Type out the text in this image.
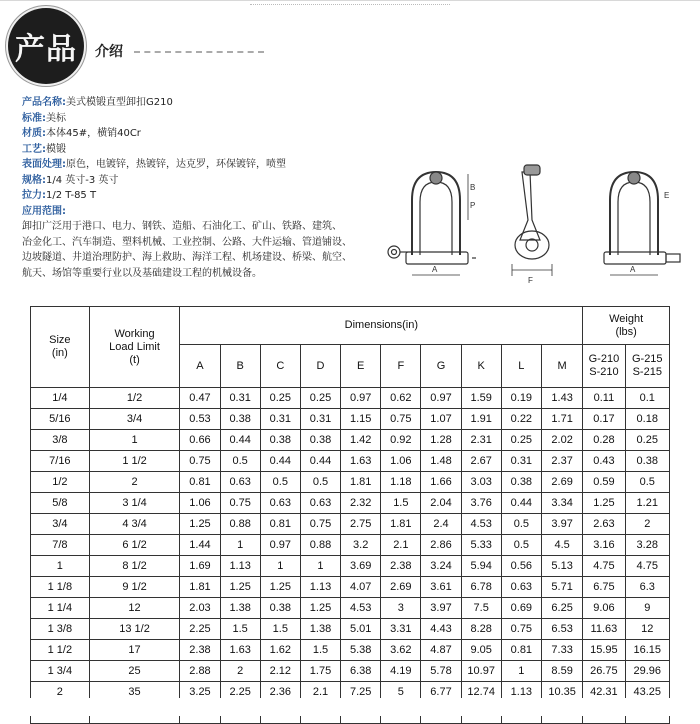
产品 介绍
产品名称:美式模锻直型卸扣G210
标准:美标
材质:本体45#，横销40Cr
工艺:模锻
表面处理:原色，电镀锌，热镀锌，达克罗，环保镀锌，喷塑
规格:1/4 英寸-3 英寸
拉力:1/2 T-85 T
应用范围:
卸扣广泛用于港口、电力、钢铁、造船、石油化工、矿山、铁路、建筑、
冶金化工、汽车制造、塑料机械、工业控制、公路、大件运输、管道铺设、
边坡隧道、井道治理防护、海上救助、海洋工程、机场建设、桥梁、航空、
航天、场馆等重要行业以及基础建设工程的机械设备。	A
B
P
F
A
E
Size
(in)	Working
Load Limit
(t)	Dimensions(in)										Weight
(lbs)	
		A	B	C	D	E	F	G	K	L	M	G-210
S-210	G-215
S-215
1/4	1/2	0.47	0.31	0.25	0.25	0.97	0.62	0.97	1.59	0.19	1.43	0.11	0.1
5/16	3/4	0.53	0.38	0.31	0.31	1.15	0.75	1.07	1.91	0.22	1.71	0.17	0.18
3/8	1	0.66	0.44	0.38	0.38	1.42	0.92	1.28	2.31	0.25	2.02	0.28	0.25
7/16	1 1/2	0.75	0.5	0.44	0.44	1.63	1.06	1.48	2.67	0.31	2.37	0.43	0.38
1/2	2	0.81	0.63	0.5	0.5	1.81	1.18	1.66	3.03	0.38	2.69	0.59	0.5
5/8	3 1/4	1.06	0.75	0.63	0.63	2.32	1.5	2.04	3.76	0.44	3.34	1.25	1.21
3/4	4 3/4	1.25	0.88	0.81	0.75	2.75	1.81	2.4	4.53	0.5	3.97	2.63	2
7/8	6 1/2	1.44	1	0.97	0.88	3.2	2.1	2.86	5.33	0.5	4.5	3.16	3.28
1	8 1/2	1.69	1.13	1	1	3.69	2.38	3.24	5.94	0.56	5.13	4.75	4.75
1 1/8	9 1/2	1.81	1.25	1.25	1.13	4.07	2.69	3.61	6.78	0.63	5.71	6.75	6.3
1 1/4	12	2.03	1.38	0.38	1.25	4.53	3	3.97	7.5	0.69	6.25	9.06	9
1 3/8	13 1/2	2.25	1.5	1.5	1.38	5.01	3.31	4.43	8.28	0.75	6.53	11.63	12
1 1/2	17	2.38	1.63	1.62	1.5	5.38	3.62	4.87	9.05	0.81	7.33	15.95	16.15
1 3/4	25	2.88	2	2.12	1.75	6.38	4.19	5.78	10.97	1	8.59	26.75	29.96
2	35	3.25	2.25	2.36	2.1	7.25	5	6.77	12.74	1.13	10.35	42.31	43.25
